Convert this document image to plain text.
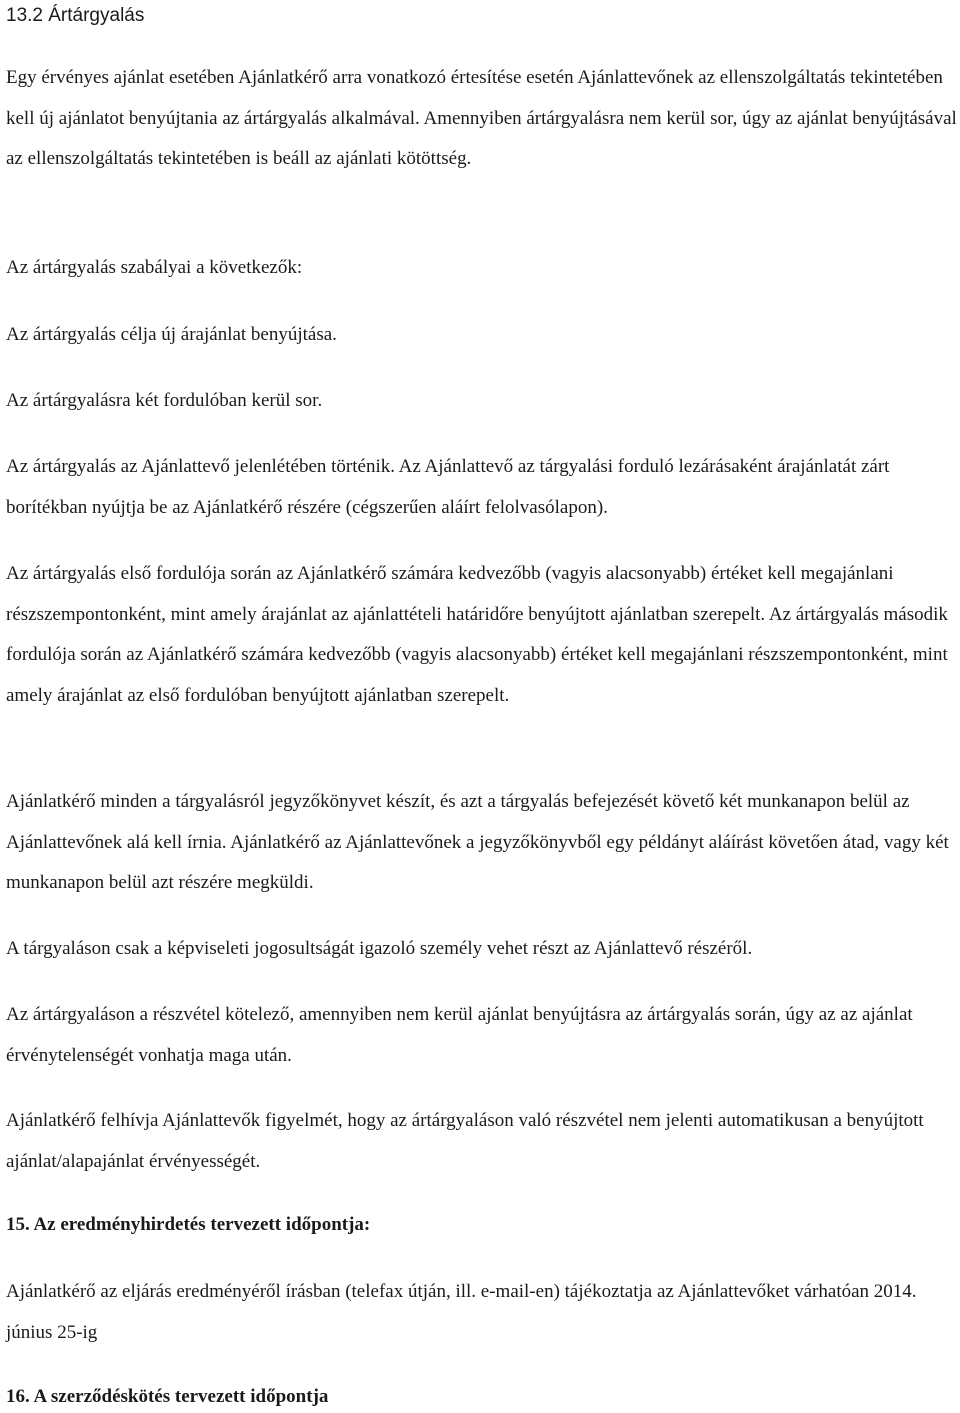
13.2 Ártárgyalás

Egy érvényes ajánlat esetében Ajánlatkérő arra vonatkozó értesítése esetén Ajánlattevőnek az ellenszolgáltatás tekintetében kell új ajánlatot benyújtania az ártárgyalás alkalmával. Amennyiben ártárgyalásra nem kerül sor, úgy az ajánlat benyújtásával az ellenszolgáltatás tekintetében is beáll az ajánlati kötöttség.

Az ártárgyalás szabályai a következők:

Az ártárgyalás célja új árajánlat benyújtása.

Az ártárgyalásra két fordulóban kerül sor.

Az ártárgyalás az Ajánlattevő jelenlétében történik. Az Ajánlattevő az tárgyalási forduló lezárásaként árajánlatát zárt borítékban nyújtja be az Ajánlatkérő részére (cégszerűen aláírt felolvasólapon).

Az ártárgyalás első fordulója során az Ajánlatkérő számára kedvezőbb (vagyis alacsonyabb) értéket kell megajánlani részszempontonként, mint amely árajánlat az ajánlattételi határidőre benyújtott ajánlatban szerepelt. Az ártárgyalás második fordulója során az Ajánlatkérő számára kedvezőbb (vagyis alacsonyabb) értéket kell megajánlani részszempontonként, mint amely árajánlat az első fordulóban benyújtott ajánlatban szerepelt.

Ajánlatkérő minden a tárgyalásról jegyzőkönyvet készít, és azt a tárgyalás befejezését követő két munkanapon belül az Ajánlattevőnek alá kell írnia. Ajánlatkérő az Ajánlattevőnek a jegyzőkönyvből egy példányt aláírást követően átad, vagy két munkanapon belül azt részére megküldi.

A tárgyaláson csak a képviseleti jogosultságát igazoló személy vehet részt az Ajánlattevő részéről.

Az ártárgyaláson a részvétel kötelező, amennyiben nem kerül ajánlat benyújtásra az ártárgyalás során, úgy az az ajánlat érvénytelenségét vonhatja maga után.

Ajánlatkérő felhívja Ajánlattevők figyelmét, hogy az ártárgyaláson való részvétel nem jelenti automatikusan a benyújtott ajánlat/alapajánlat érvényességét.

15. Az eredményhirdetés tervezett időpontja:

Ajánlatkérő az eljárás eredményéről írásban (telefax útján, ill. e-mail-en) tájékoztatja az Ajánlattevőket várhatóan 2014. június 25-ig

16. A szerződéskötés tervezett időpontja
